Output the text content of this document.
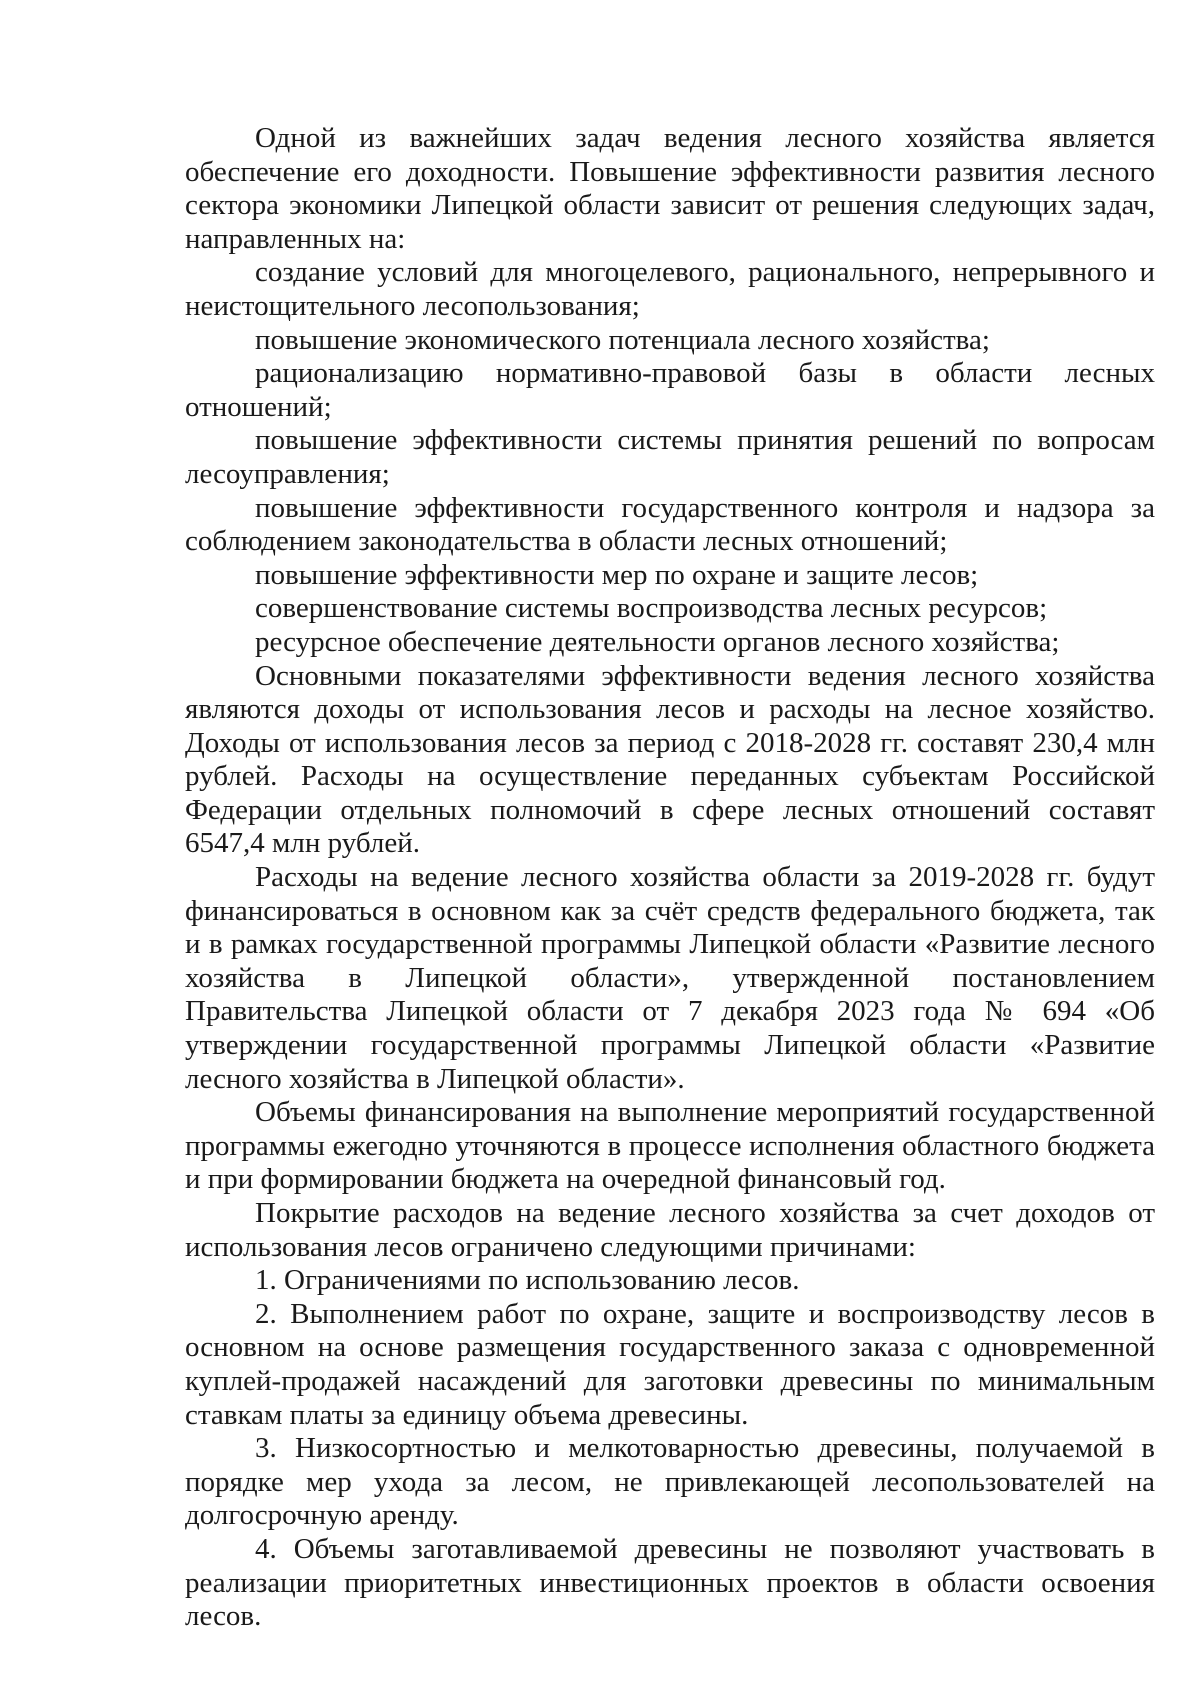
Одной из важнейших задач ведения лесного хозяйства является обеспечение его доходности. Повышение эффективности развития лесного сектора экономики Липецкой области зависит от решения следующих задач, направленных на:

создание условий для многоцелевого, рационального, непрерывного и неистощительного лесопользования;

повышение экономического потенциала лесного хозяйства;

рационализацию нормативно-правовой базы в области лесных отношений;

повышение эффективности системы принятия решений по вопросам лесоуправления;

повышение эффективности государственного контроля и надзора за соблюдением законодательства в области лесных отношений;

повышение эффективности мер по охране и защите лесов;

совершенствование системы воспроизводства лесных ресурсов;

ресурсное обеспечение деятельности органов лесного хозяйства;

Основными показателями эффективности ведения лесного хозяйства являются доходы от использования лесов и расходы на лесное хозяйство. Доходы от использования лесов за период с 2018-2028 гг. составят 230,4 млн рублей. Расходы на осуществление переданных субъектам Российской Федерации отдельных полномочий в сфере лесных отношений составят 6547,4 млн рублей.

Расходы на ведение лесного хозяйства области за 2019-2028 гг. будут финансироваться в основном как за счёт средств федерального бюджета, так и в рамках государственной программы Липецкой области «Развитие лесного хозяйства в Липецкой области», утвержденной постановлением Правительства Липецкой области от 7 декабря 2023 года № 694 «Об утверждении государственной программы Липецкой области «Развитие лесного хозяйства в Липецкой области».

Объемы финансирования на выполнение мероприятий государственной программы ежегодно уточняются в процессе исполнения областного бюджета и при формировании бюджета на очередной финансовый год.

Покрытие расходов на ведение лесного хозяйства за счет доходов от использования лесов ограничено следующими причинами:

1. Ограничениями по использованию лесов.

2. Выполнением работ по охране, защите и воспроизводству лесов в основном на основе размещения государственного заказа с одновременной куплей-продажей насаждений для заготовки древесины по минимальным ставкам платы за единицу объема древесины.

3. Низкосортностью и мелкотоварностью древесины, получаемой в порядке мер ухода за лесом, не привлекающей лесопользователей на долгосрочную аренду.

4. Объемы заготавливаемой древесины не позволяют участвовать в реализации приоритетных инвестиционных проектов в области освоения лесов.
